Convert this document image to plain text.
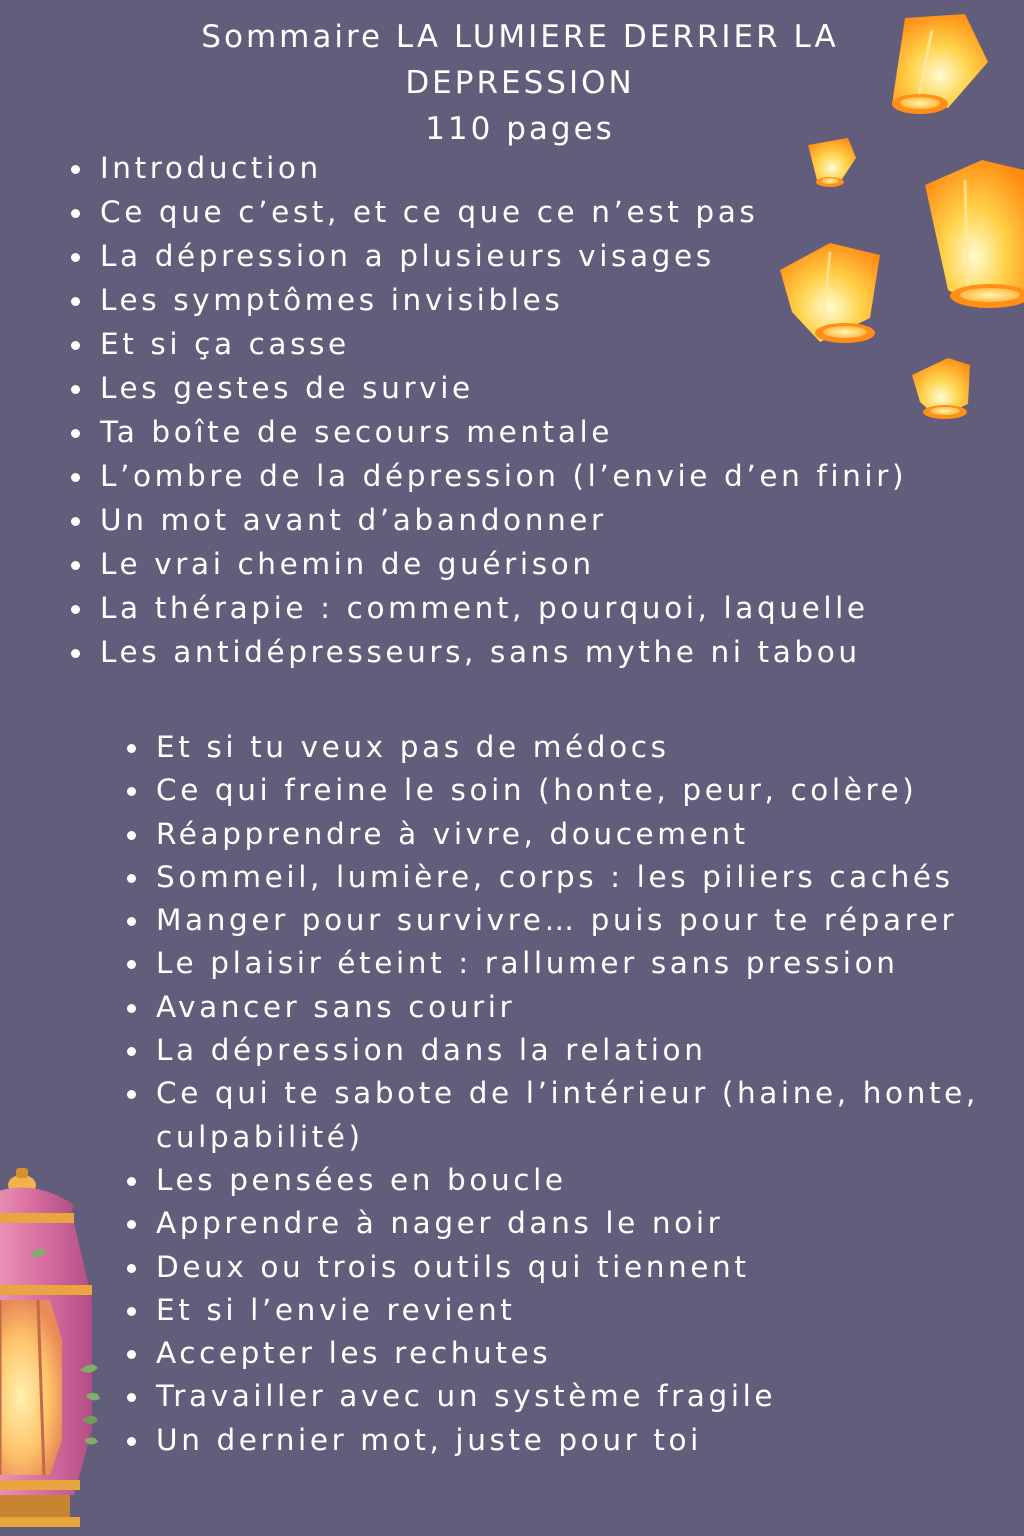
Sommaire LA LUMIERE DERRIER LA
DEPRESSION
110 pages
Introduction
Ce que c’est, et ce que ce n’est pas
La dépression a plusieurs visages
Les symptômes invisibles
Et si ça casse
Les gestes de survie
Ta boîte de secours mentale
L’ombre de la dépression (l’envie d’en finir)
Un mot avant d’abandonner
Le vrai chemin de guérison
La thérapie : comment, pourquoi, laquelle
Les antidépresseurs, sans mythe ni tabou
Et si tu veux pas de médocs
Ce qui freine le soin (honte, peur, colère)
Réapprendre à vivre, doucement
Sommeil, lumière, corps : les piliers cachés
Manger pour survivre… puis pour te réparer
Le plaisir éteint : rallumer sans pression
Avancer sans courir
La dépression dans la relation
Ce qui te sabote de l’intérieur (haine, honte, culpabilité)
Les pensées en boucle
Apprendre à nager dans le noir
Deux ou trois outils qui tiennent
Et si l’envie revient
Accepter les rechutes
Travailler avec un système fragile
Un dernier mot, juste pour toi
